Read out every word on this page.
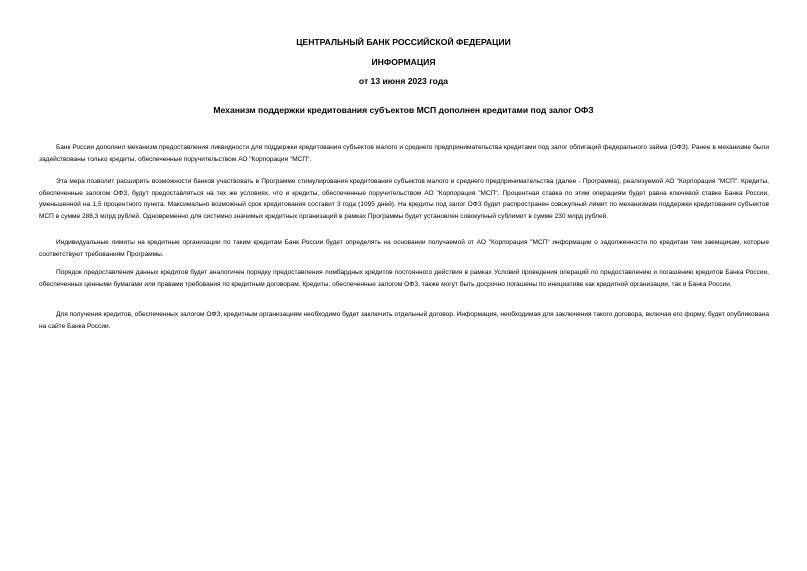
ЦЕНТРАЛЬНЫЙ БАНК РОССИЙСКОЙ ФЕДЕРАЦИИ

ИНФОРМАЦИЯ

от 13 июня 2023 года

Механизм поддержки кредитования субъектов МСП дополнен кредитами под залог ОФЗ

Банк России дополнил механизм предоставления ликвидности для поддержки кредитования субъектов малого и среднего предпринимательства кредитами под залог облигаций федерального займа (ОФЗ). Ранее в механизме были задействованы только кредиты, обеспеченные поручительством АО "Корпорация "МСП".

Эта мера позволит расширить возможности банков участвовать в Программе стимулирования кредитования субъектов малого и среднего предпринимательства (далее - Программа), реализуемой АО "Корпорация "МСП". Кредиты, обеспеченные залогом ОФЗ, будут предоставляться на тех же условиях, что и кредиты, обеспеченные поручительством АО "Корпорация "МСП". Процентная ставка по этим операциям будет равна ключевой ставке Банка России, уменьшенной на 1,5 процентного пункта. Максимально возможный срок кредитования составит 3 года (1095 дней). На кредиты под залог ОФЗ будет распространен совокупный лимит по механизмам поддержки кредитования субъектов МСП в сумме 288,3 млрд рублей. Одновременно для системно значимых кредитных организаций в рамках Программы будет установлен совокупный сублимит в сумме 230 млрд рублей.

Индивидуальные лимиты на кредитные организации по таким кредитам Банк России будет определять на основании получаемой от АО "Корпорация "МСП" информации о задолженности по кредитам тем заемщикам, которые соответствуют требованиям Программы.

Порядок предоставления данных кредитов будет аналогичен порядку предоставления ломбардных кредитов постоянного действия в рамках Условий проведения операций по предоставлению и погашению кредитов Банка России, обеспеченных ценными бумагами или правами требования по кредитным договорам. Кредиты, обеспеченные залогом ОФЗ, также могут быть досрочно погашены по инициативе как кредитной организации, так и Банка России.

Для получения кредитов, обеспеченных залогом ОФЗ, кредитным организациям необходимо будет заключить отдельный договор. Информация, необходимая для заключения такого договора, включая его форму, будет опубликована на сайте Банка России.
